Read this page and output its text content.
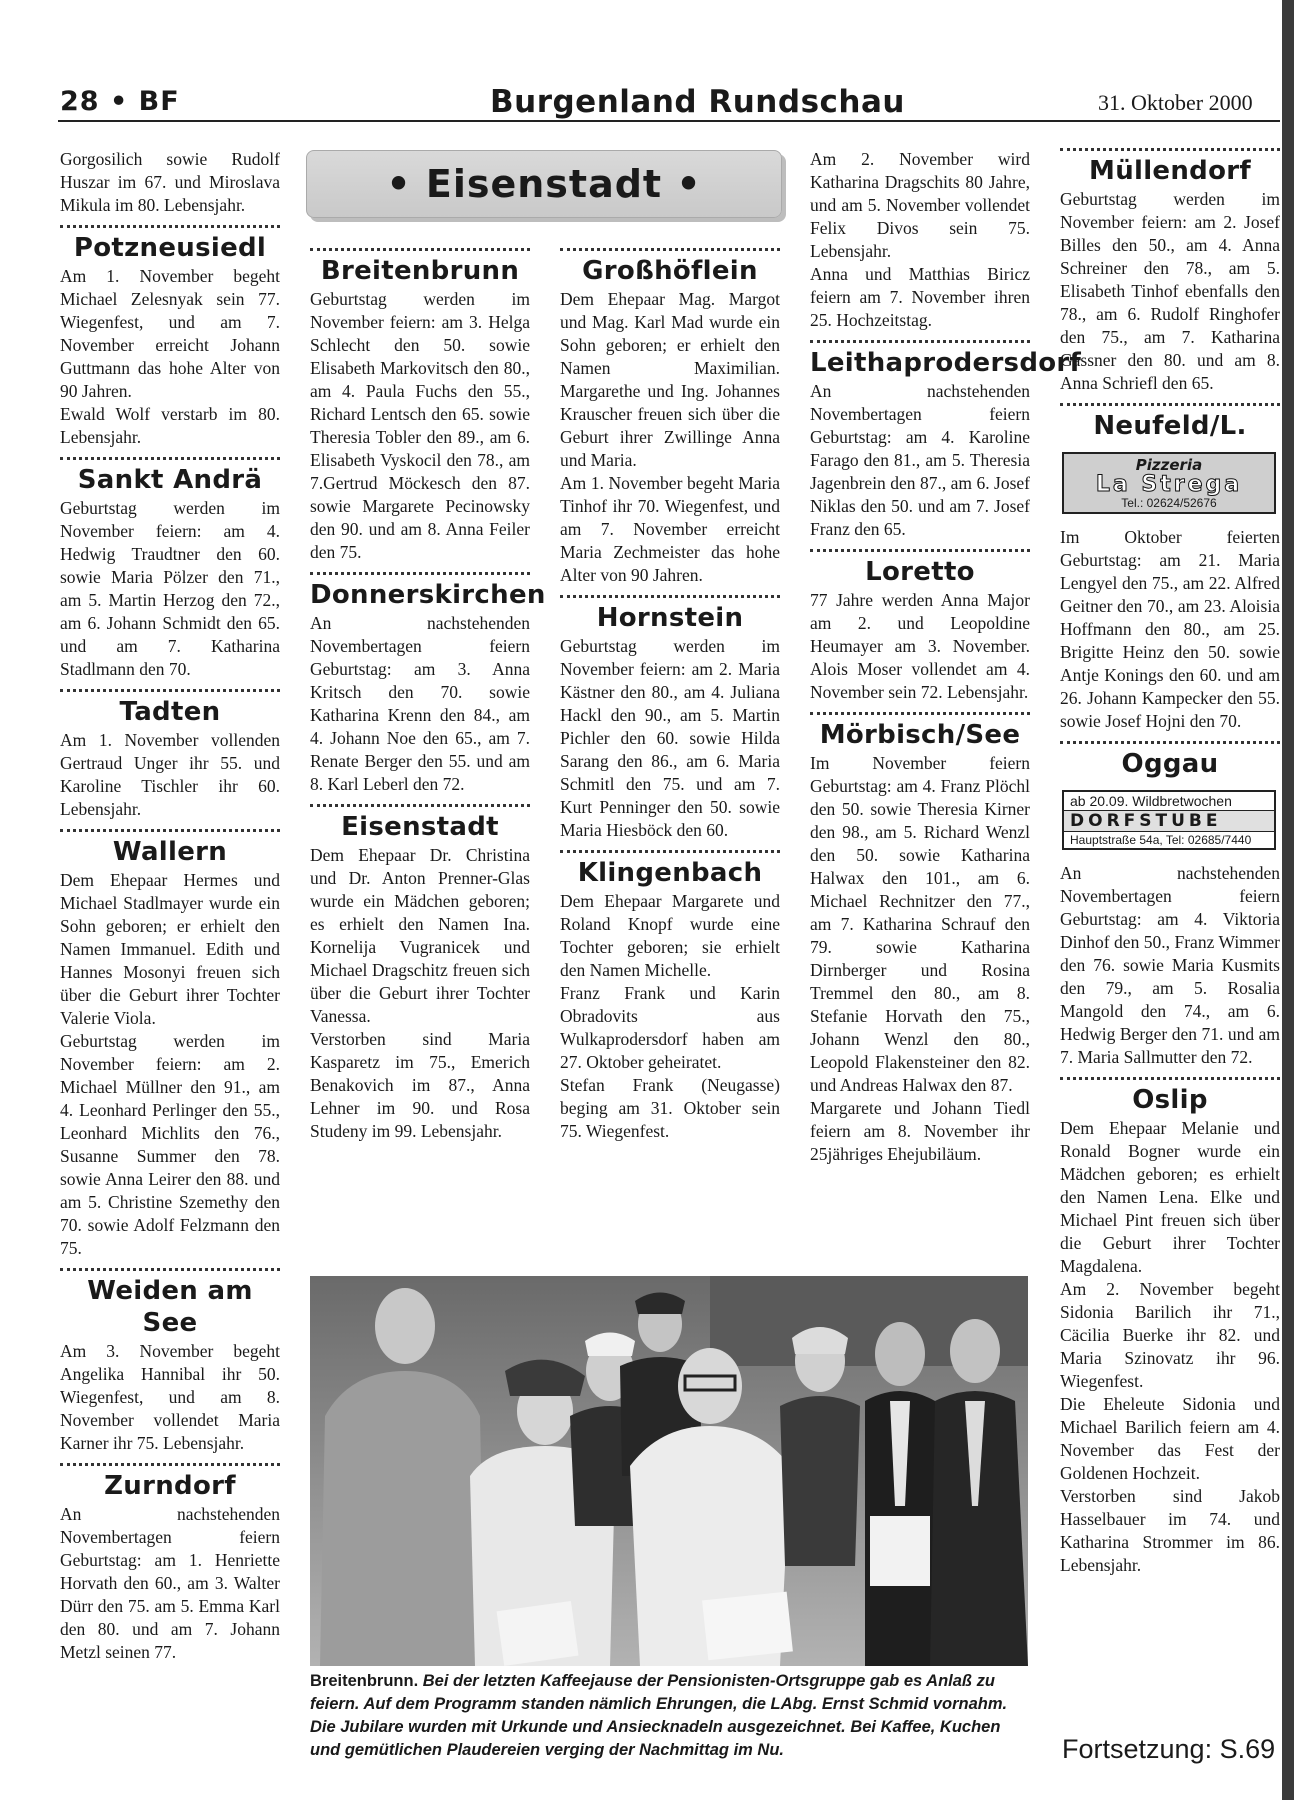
28 • BF	Burgenland Rundschau	31. Oktober 2000
• Eisenstadt •

Gorgosilich sowie Rudolf Huszar im 67. und Miroslava Mikula im 80. Lebensjahr.

Potzneusiedl

Am 1. November begeht Michael Zelesnyak sein 77. Wiegenfest, und am 7. November erreicht Johann Guttmann das hohe Alter von 90 Jahren.

Ewald Wolf verstarb im 80. Lebensjahr.

Sankt Andrä

Geburtstag werden im November feiern: am 4. Hedwig Traudtner den 60. sowie Maria Pölzer den 71., am 5. Martin Herzog den 72., am 6. Johann Schmidt den 65. und am 7. Katharina Stadlmann den 70.

Tadten

Am 1. November vollenden Gertraud Unger ihr 55. und Karoline Tischler ihr 60. Lebensjahr.

Wallern

Dem Ehepaar Hermes und Michael Stadlmayer wurde ein Sohn geboren; er erhielt den Namen Immanuel. Edith und Hannes Mosonyi freuen sich über die Geburt ihrer Tochter Valerie Viola.

Geburtstag werden im November feiern: am 2. Michael Müllner den 91., am 4. Leonhard Perlinger den 55., Leonhard Michlits den 76., Susanne Summer den 78. sowie Anna Leirer den 88. und am 5. Christine Szemethy den 70. sowie Adolf Felzmann den 75.

Weiden am See

Am 3. November begeht Angelika Hannibal ihr 50. Wiegenfest, und am 8. November vollendet Maria Karner ihr 75. Lebensjahr.

Zurndorf

An nachstehenden Novembertagen feiern Geburtstag: am 1. Henriette Horvath den 60., am 3. Walter Dürr den 75. am 5. Emma Karl den 80. und am 7. Johann Metzl seinen 77.

Breitenbrunn

Geburtstag werden im November feiern: am 3. Helga Schlecht den 50. sowie Elisabeth Markovitsch den 80., am 4. Paula Fuchs den 55., Richard Lentsch den 65. sowie Theresia Tobler den 89., am 6. Elisabeth Vyskocil den 78., am 7.Gertrud Möckesch den 87. sowie Margarete Pecinowsky den 90. und am 8. Anna Feiler den 75.

Donnerskirchen

An nachstehenden Novembertagen feiern Geburtstag: am 3. Anna Kritsch den 70. sowie Katharina Krenn den 84., am 4. Johann Noe den 65., am 7. Renate Berger den 55. und am 8. Karl Leberl den 72.

Eisenstadt

Dem Ehepaar Dr. Christina und Dr. Anton Prenner-Glas wurde ein Mädchen geboren; es erhielt den Namen Ina. Kornelija Vugranicek und Michael Dragschitz freuen sich über die Geburt ihrer Tochter Vanessa.

Verstorben sind Maria Kasparetz im 75., Emerich Benakovich im 87., Anna Lehner im 90. und Rosa Studeny im 99. Lebensjahr.

Großhöflein

Dem Ehepaar Mag. Margot und Mag. Karl Mad wurde ein Sohn geboren; er erhielt den Namen Maximilian. Margarethe und Ing. Johannes Krauscher freuen sich über die Geburt ihrer Zwillinge Anna und Maria.

Am 1. November begeht Maria Tinhof ihr 70. Wiegenfest, und am 7. November erreicht Maria Zechmeister das hohe Alter von 90 Jahren.

Hornstein

Geburtstag werden im November feiern: am 2. Maria Kästner den 80., am 4. Juliana Hackl den 90., am 5. Martin Pichler den 60. sowie Hilda Sarang den 86., am 6. Maria Schmitl den 75. und am 7. Kurt Penninger den 50. sowie Maria Hiesböck den 60.

Klingenbach

Dem Ehepaar Margarete und Roland Knopf wurde eine Tochter geboren; sie erhielt den Namen Michelle.

Franz Frank und Karin Obradovits aus Wulkaprodersdorf haben am 27. Oktober geheiratet.

Stefan Frank (Neugasse) beging am 31. Oktober sein 75. Wiegenfest.

Am 2. November wird Katharina Dragschits 80 Jahre, und am 5. November vollendet Felix Divos sein 75. Lebensjahr.

Anna und Matthias Biricz feiern am 7. November ihren 25. Hochzeitstag.

Leithaprodersdorf

An nachstehenden Novembertagen feiern Geburtstag: am 4. Karoline Farago den 81., am 5. Theresia Jagenbrein den 87., am 6. Josef Niklas den 50. und am 7. Josef Franz den 65.

Loretto

77 Jahre werden Anna Major am 2. und Leopoldine Heumayer am 3. November. Alois Moser vollendet am 4. November sein 72. Lebensjahr.

Mörbisch/See

Im November feiern Geburtstag: am 4. Franz Plöchl den 50. sowie Theresia Kirner den 98., am 5. Richard Wenzl den 50. sowie Katharina Halwax den 101., am 6. Michael Rechnitzer den 77., am 7. Katharina Schrauf den 79. sowie Katharina Dirnberger und Rosina Tremmel den 80., am 8. Stefanie Horvath den 75., Johann Wenzl den 80., Leopold Flakensteiner den 82. und Andreas Halwax den 87.

Margarete und Johann Tiedl feiern am 8. November ihr 25jähriges Ehejubiläum.

Müllendorf

Geburtstag werden im November feiern: am 2. Josef Billes den 50., am 4. Anna Schreiner den 78., am 5. Elisabeth Tinhof ebenfalls den 78., am 6. Rudolf Ringhofer den 75., am 7. Katharina Gassner den 80. und am 8. Anna Schriefl den 65.

Neufeld/L.
Pizzeria
La Strega
Tel.: 02624/52676

Im Oktober feierten Geburtstag: am 21. Maria Lengyel den 75., am 22. Alfred Geitner den 70., am 23. Aloisia Hoffmann den 80., am 25. Brigitte Heinz den 50. sowie Antje Konings den 60. und am 26. Johann Kampecker den 55. sowie Josef Hojni den 70.

Oggau
ab 20.09. Wildbretwochen
DORFSTUBE
Hauptstraße 54a, Tel: 02685/7440

An nachstehenden Novembertagen feiern Geburtstag: am 4. Viktoria Dinhof den 50., Franz Wimmer den 76. sowie Maria Kusmits den 79., am 5. Rosalia Mangold den 74., am 6. Hedwig Berger den 71. und am 7. Maria Sallmutter den 72.

Oslip

Dem Ehepaar Melanie und Ronald Bogner wurde ein Mädchen geboren; es erhielt den Namen Lena. Elke und Michael Pint freuen sich über die Geburt ihrer Tochter Magdalena.

Am 2. November begeht Sidonia Barilich ihr 71., Cäcilia Buerke ihr 82. und Maria Szinovatz ihr 96. Wiegenfest.

Die Eheleute Sidonia und Michael Barilich feiern am 4. November das Fest der Goldenen Hochzeit.

Verstorben sind Jakob Hasselbauer im 74. und Katharina Strommer im 86. Lebensjahr.

Breitenbrunn. Bei der letzten Kaffeejause der Pensionisten-Ortsgruppe gab es Anlaß zu feiern. Auf dem Programm standen nämlich Ehrungen, die LAbg. Ernst Schmid vornahm. Die Jubilare wurden mit Urkunde und Ansiecknadeln ausgezeichnet. Bei Kaffee, Kuchen und gemütlichen Plaudereien verging der Nachmittag im Nu.	Fortsetzung: S.69
